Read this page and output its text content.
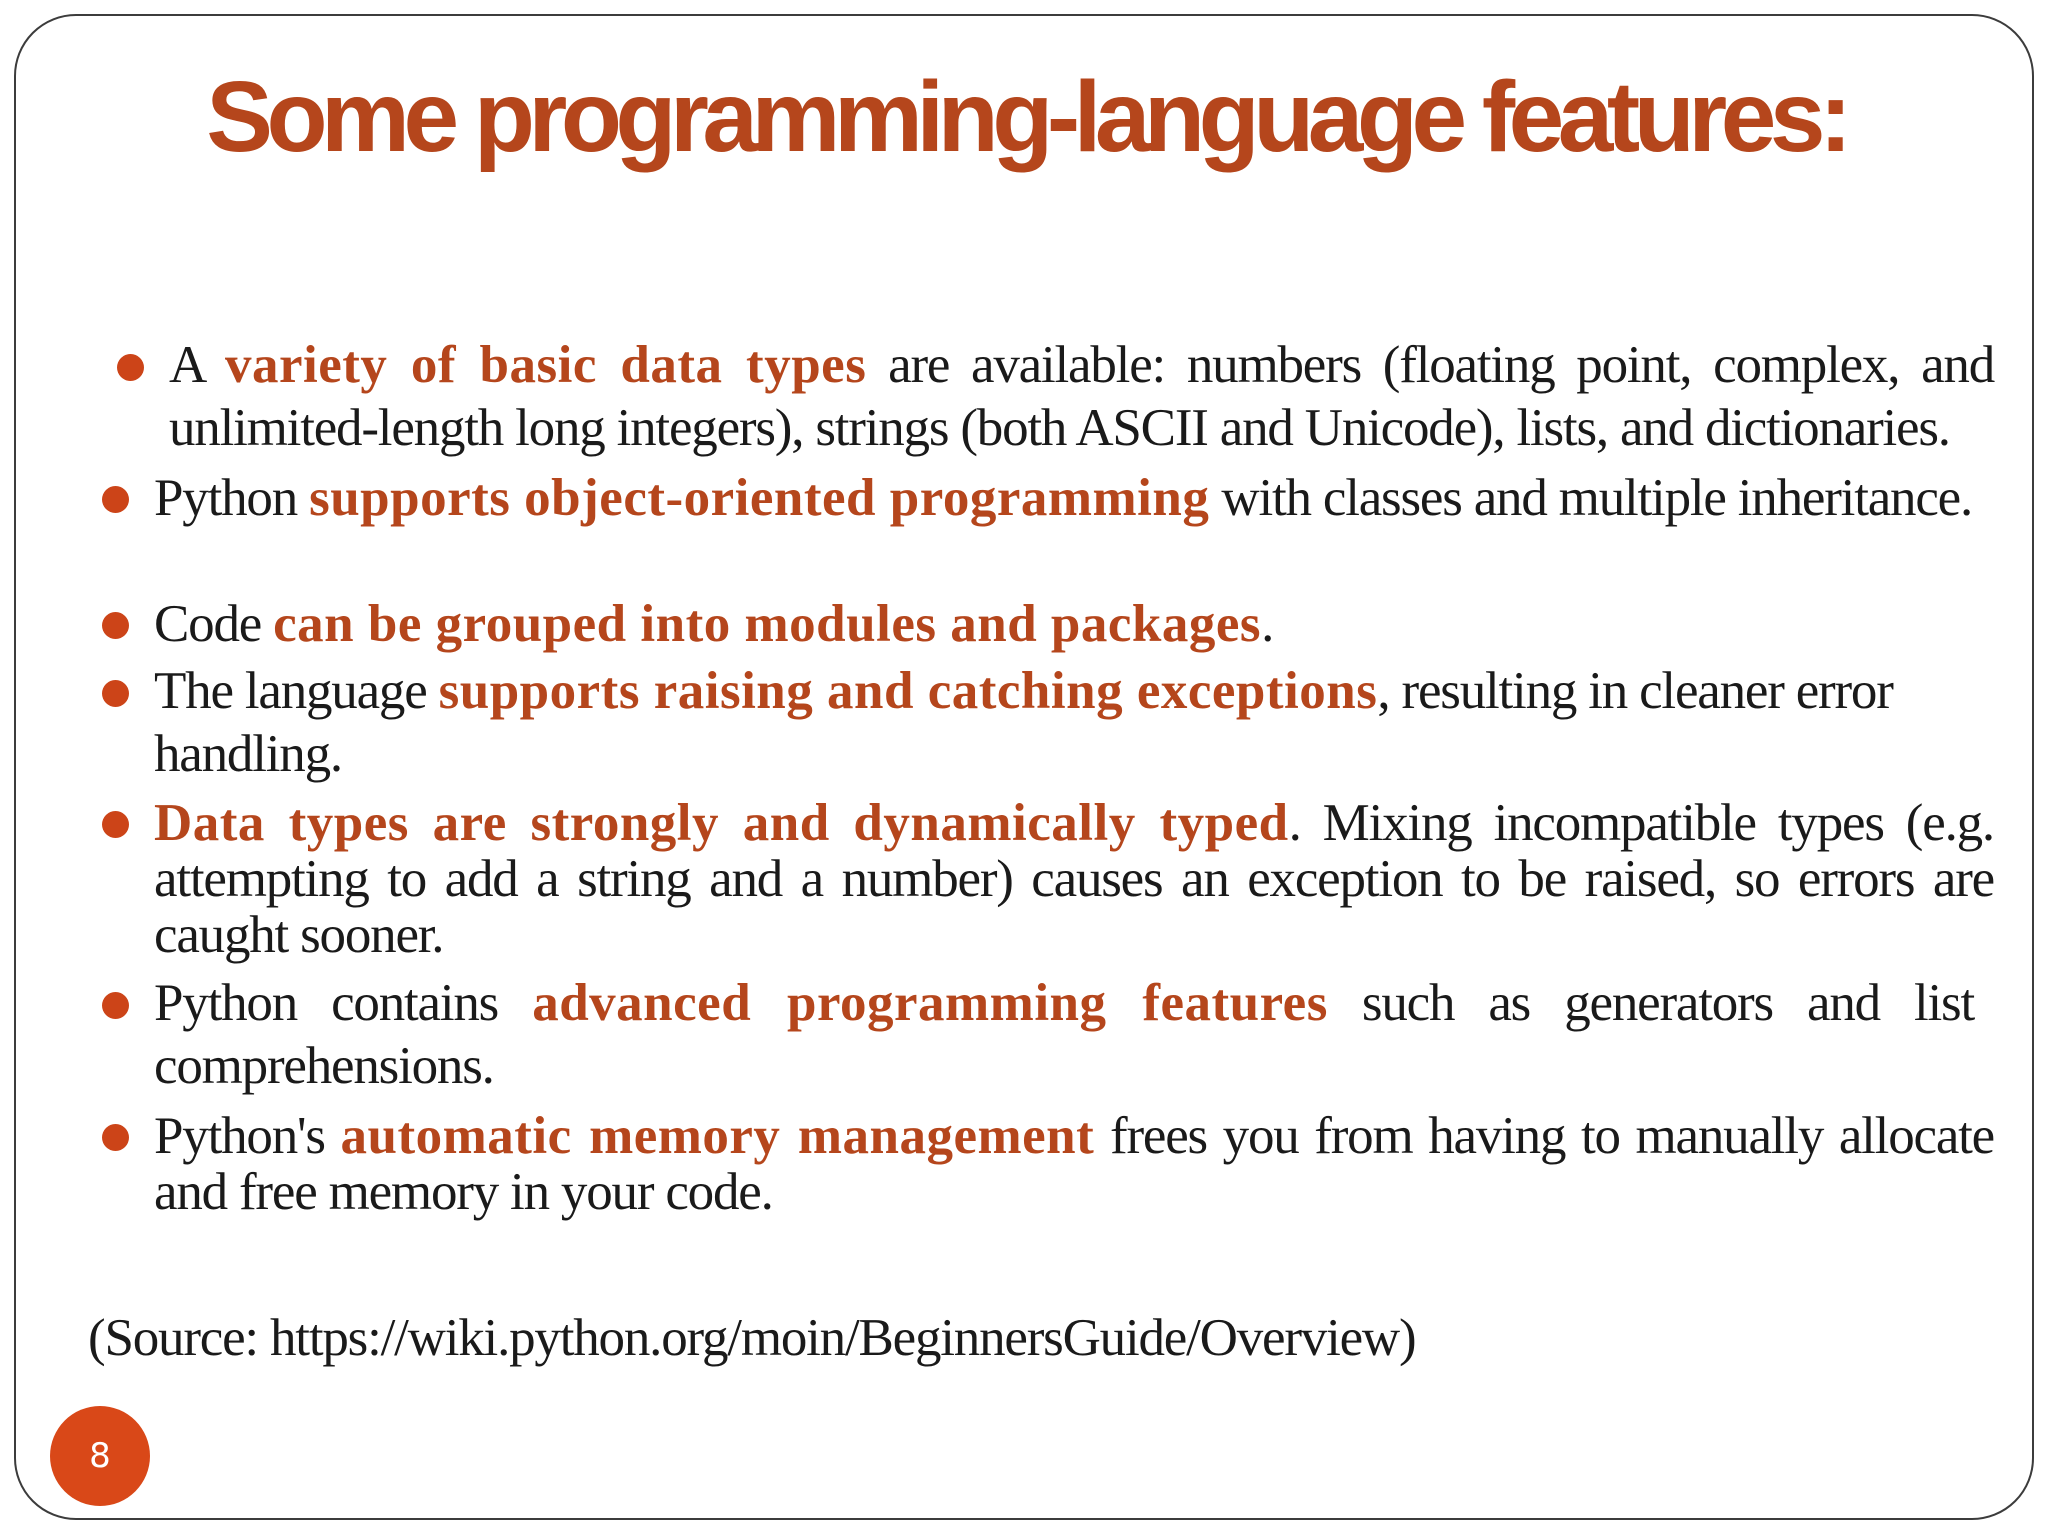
Some programming-language features:
A variety of basic data types are available: numbers (floating point, complex, and unlimited-length long integers), strings (both ASCII and Unicode), lists, and dictionaries.
Python supports object-oriented programming with classes and multiple inheritance.
Code can be grouped into modules and packages.
The language supports raising and catching exceptions, resulting in cleaner error handling.
Data types are strongly and dynamically typed. Mixing incompatible types (e.g. attempting to add a string and a number) causes an exception to be raised, so errors are caught sooner.
Python contains advanced programming features such as generators and list comprehensions.
Python's automatic memory management frees you from having to manually allocate and free memory in your code.
(Source: https://wiki.python.org/moin/BeginnersGuide/Overview)
8
